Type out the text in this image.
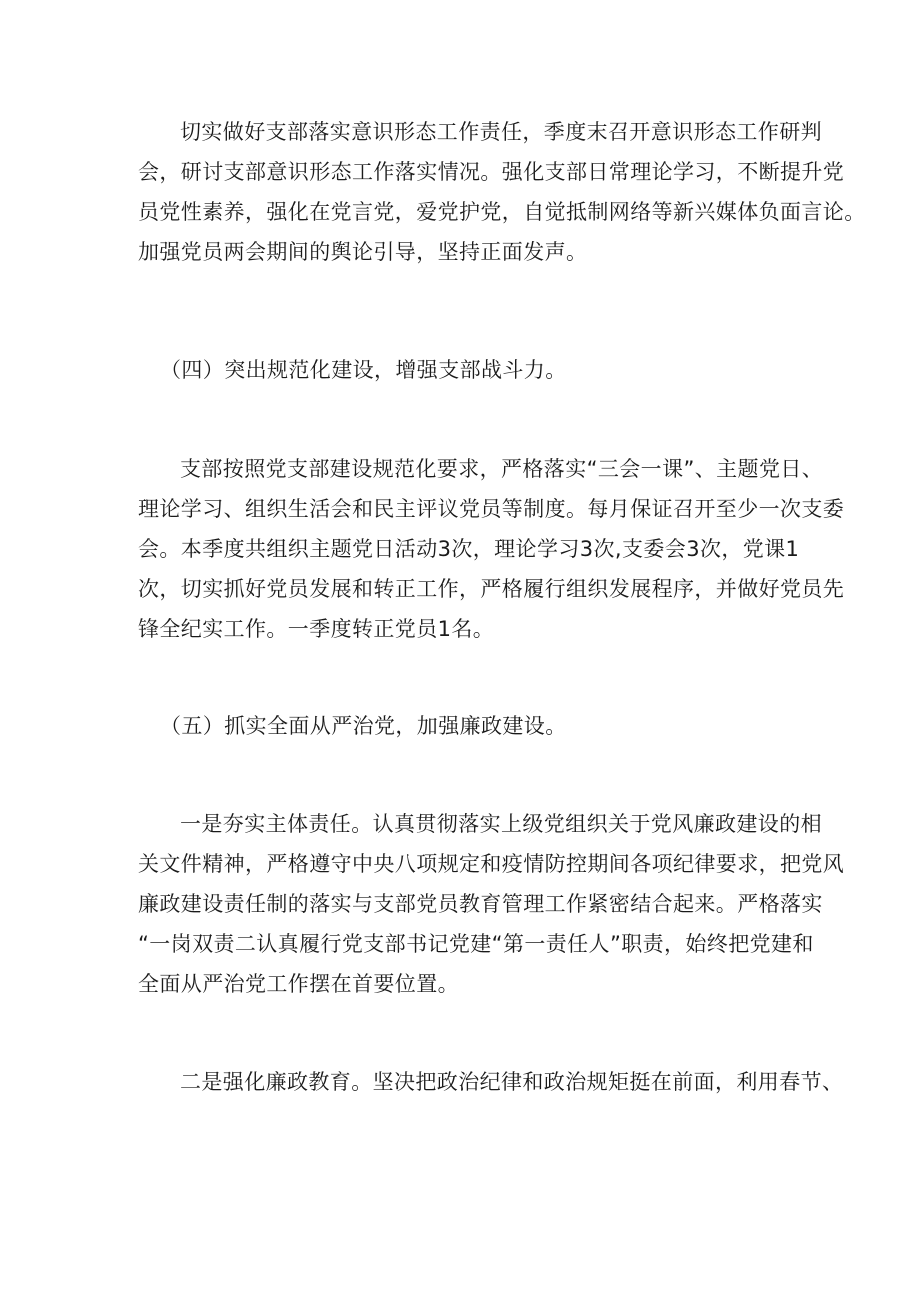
切实做好支部落实意识形态工作责任，季度末召开意识形态工作研判
会，研讨支部意识形态工作落实情况。强化支部日常理论学习，不断提升党
员党性素养，强化在党言党，爱党护党，自觉抵制网络等新兴媒体负面言论。
加强党员两会期间的舆论引导，坚持正面发声。
（四）突出规范化建设，增强支部战斗力。
支部按照党支部建设规范化要求，严格落实“三会一课”、主题党日、
理论学习、组织生活会和民主评议党员等制度。每月保证召开至少一次支委
会。本季度共组织主题党日活动3次，理论学习3次,支委会3次，党课1
次，切实抓好党员发展和转正工作，严格履行组织发展程序，并做好党员先
锋全纪实工作。一季度转正党员1名。
（五）抓实全面从严治党，加强廉政建设。
一是夯实主体责任。认真贯彻落实上级党组织关于党风廉政建设的相
关文件精神，严格遵守中央八项规定和疫情防控期间各项纪律要求，把党风
廉政建设责任制的落实与支部党员教育管理工作紧密结合起来。严格落实
“一岗双责二认真履行党支部书记党建“第一责任人”职责，始终把党建和
全面从严治党工作摆在首要位置。
二是强化廉政教育。坚决把政治纪律和政治规矩挺在前面，利用春节、
